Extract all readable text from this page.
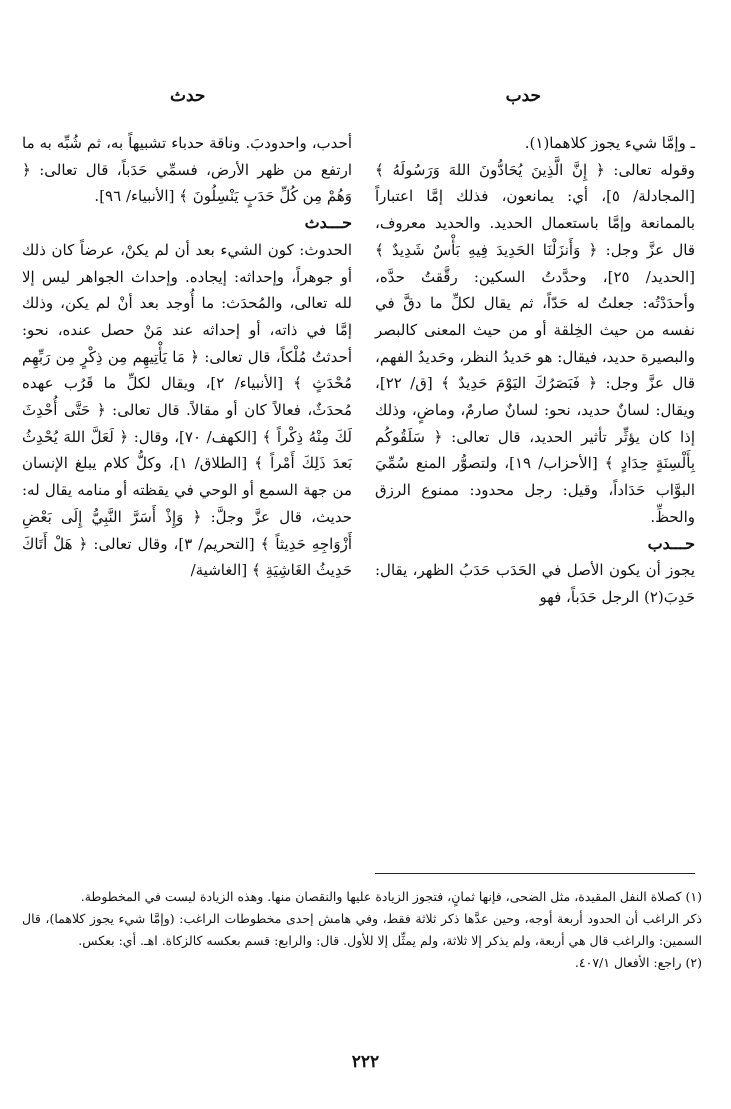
حدب
حدث

ـ وإمَّا شيء يجوز كلاهما(١).

وقوله تعالى: ﴿ إِنَّ الَّذِينَ يُحَادُّونَ اللهَ وَرَسُولَهُ ﴾ [المجادلة/ ٥]، أي: يمانعون، فذلك إمَّا اعتباراً بالممانعة وإمَّا باستعمال الحديد. والحديد معروف، قال عزَّ وجل: ﴿ وَأَنزَلْنَا الحَدِيدَ فِيهِ بَأْسٌ شَدِيدٌ ﴾ [الحديد/ ٢٥]، وحدَّدتُ السكين: رقَّقتُ حدَّه، وأحدَدْتُه: جعلتُ له حَدّاً، ثم يقال لكلِّ ما دقَّ في نفسه من حيث الخِلقة أو من حيث المعنى كالبصر والبصيرة حديد، فيقال: هو حَديدُ النظر، وحَديدُ الفهم، قال عزَّ وجل: ﴿ فَبَصَرُكَ اليَوْمَ حَدِيدٌ ﴾ [ق/ ٢٢]، ويقال: لسانٌ حديد، نحو: لسانٌ صارمٌ، وماضٍ، وذلك إذا كان يؤثِّر تأثير الحديد، قال تعالى: ﴿ سَلَقُوكُم بِأَلْسِنَةٍ حِدَادٍ ﴾ [الأحزاب/ ١٩]، ولتصوُّر المنع سُمِّيَ البوَّاب حَدَاداً، وقيل: رجل محدود: ممنوع الرزق والحظِّ.

حـــدب

يجوز أن يكون الأصل في الحَدَب حَدَبُ الظهر، يقال: حَدِبَ(٢) الرجل حَدَباً، فهو

أحدب، واحدودبَ. وناقة حدباء تشبيهاً به، ثم شُبِّه به ما ارتفع من ظهر الأرض، فسمِّي حَدَباً، قال تعالى: ﴿ وَهُمْ مِن كُلِّ حَدَبٍ يَنْسِلُونَ ﴾ [الأنبياء/ ٩٦].

حـــدث

الحدوث: كون الشيء بعد أن لم يكنْ، عرضاً كان ذلك أو جوهراً، وإحداثه: إيجاده. وإحداث الجواهر ليس إلا لله تعالى، والمُحدَث: ما أُوجد بعد أنْ لم يكن، وذلك إمَّا في ذاته، أو إحداثه عند مَنْ حصل عنده، نحو: أحدثتُ مُلْكاً، قال تعالى: ﴿ مَا يَأْتِيهِم مِن ذِكْرٍ مِن رَبِّهِم مُحْدَثٍ ﴾ [الأنبياء/ ٢]، ويقال لكلِّ ما قَرُب عهده مُحدَثٌ، فعالاً كان أو مقالاً. قال تعالى: ﴿ حَتَّى أُحْدِثَ لَكَ مِنْهُ ذِكْراً ﴾ [الكهف/ ٧٠]، وقال: ﴿ لَعَلَّ اللهَ يُحْدِثُ بَعدَ ذَلِكَ أَمْراً ﴾ [الطلاق/ ١]، وكلُّ كلام يبلغ الإنسان من جهة السمع أو الوحي في يقظته أو منامه يقال له: حديث، قال عزَّ وجلَّ: ﴿ وَإِذْ أَسَرَّ النَّبِيُّ إِلَى بَعْضِ أَزْوَاجِهِ حَدِيثاً ﴾ [التحريم/ ٣]، وقال تعالى: ﴿ هَلْ أَتَاكَ حَدِيثُ الغَاشِيَةِ ﴾ [الغاشية/

(١) كصلاة النفل المقيدة، مثل الضحى، فإنها ثمانٍ، فتجوز الزيادة عليها والنقصان منها. وهذه الزيادة ليست في المخطوطة.

ذكر الراغب أن الحدود أربعة أوجه، وحين عدَّها ذكر ثلاثة فقط، وفي هامش إحدى مخطوطات الراغب: (وإمَّا شيء يجوز كلاهما)، قال السمين: والراغب قال هي أربعة، ولم يذكر إلا ثلاثة، ولم يمثِّل إلا للأول. قال: والرابع: قسم بعكسه كالزكاة. اهـ. أي: بعكس.

(٢) راجع: الأفعال ٤٠٧/١.

٢٢٢
